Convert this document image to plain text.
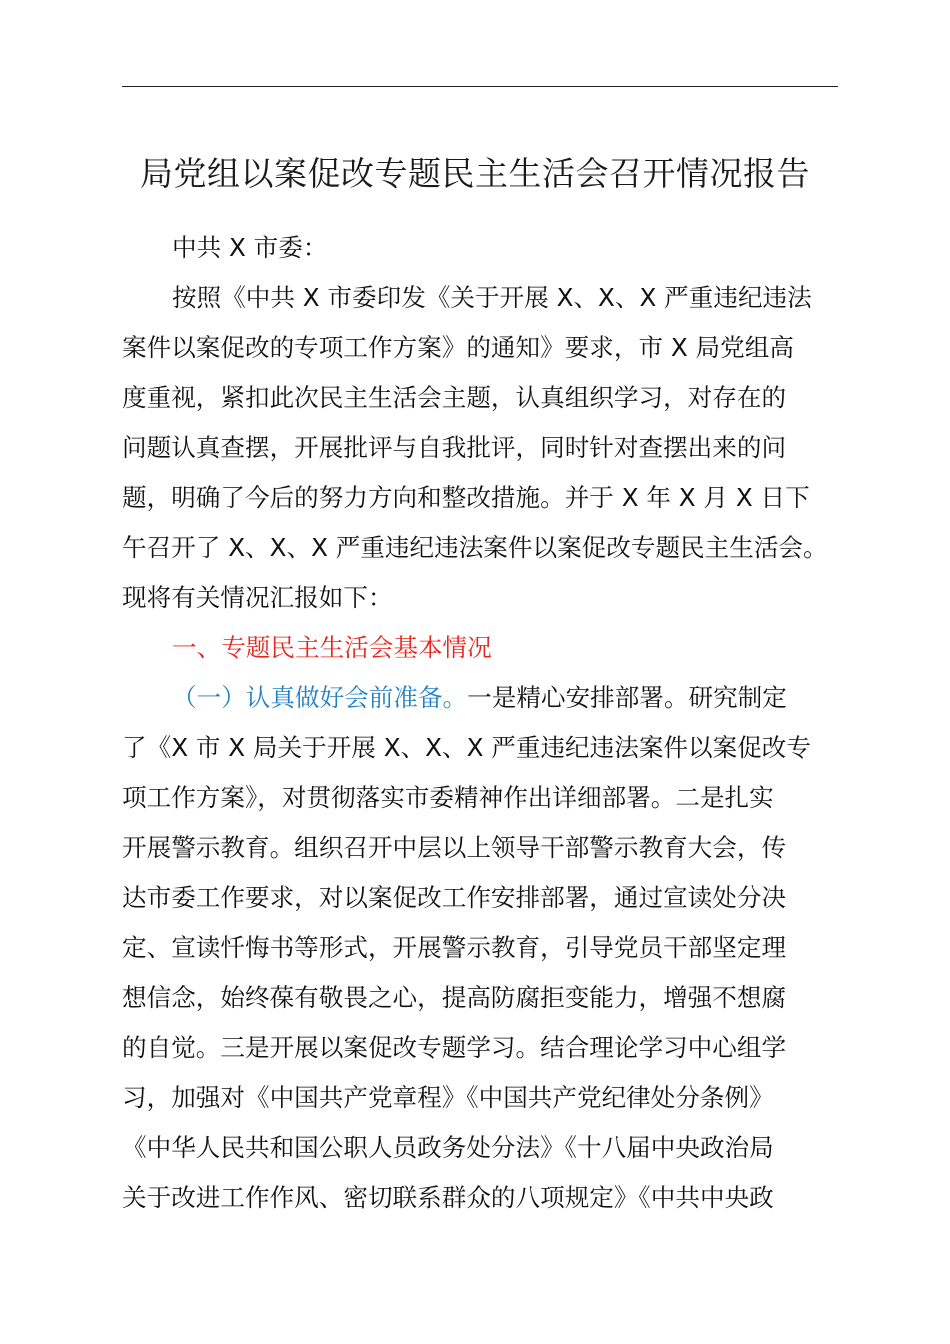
局党组以案促改专题民主生活会召开情况报告
中共 X 市委：
按照《中共 X 市委印发《关于开展 X、X、X 严重违纪违法
案件以案促改的专项工作方案》的通知》要求，市 X 局党组高
度重视，紧扣此次民主生活会主题，认真组织学习，对存在的
问题认真查摆，开展批评与自我批评，同时针对查摆出来的问
题，明确了今后的努力方向和整改措施。并于 X 年 X 月 X 日下
午召开了 X、X、X 严重违纪违法案件以案促改专题民主生活会。
现将有关情况汇报如下：
一、专题民主生活会基本情况
（一）认真做好会前准备。 一是精心安排部署。研究制定
了《X 市 X 局关于开展 X、X、X 严重违纪违法案件以案促改专
项工作方案》，对贯彻落实市委精神作出详细部署。二是扎实
开展警示教育。组织召开中层以上领导干部警示教育大会，传
达市委工作要求，对以案促改工作安排部署，通过宣读处分决
定、宣读忏悔书等形式，开展警示教育，引导党员干部坚定理
想信念，始终葆有敬畏之心，提高防腐拒变能力，增强不想腐
的自觉。三是开展以案促改专题学习。结合理论学习中心组学
习，加强对《中国共产党章程》《中国共产党纪律处分条例》
《中华人民共和国公职人员政务处分法》《十八届中央政治局
关于改进工作作风、密切联系群众的八项规定》《中共中央政
